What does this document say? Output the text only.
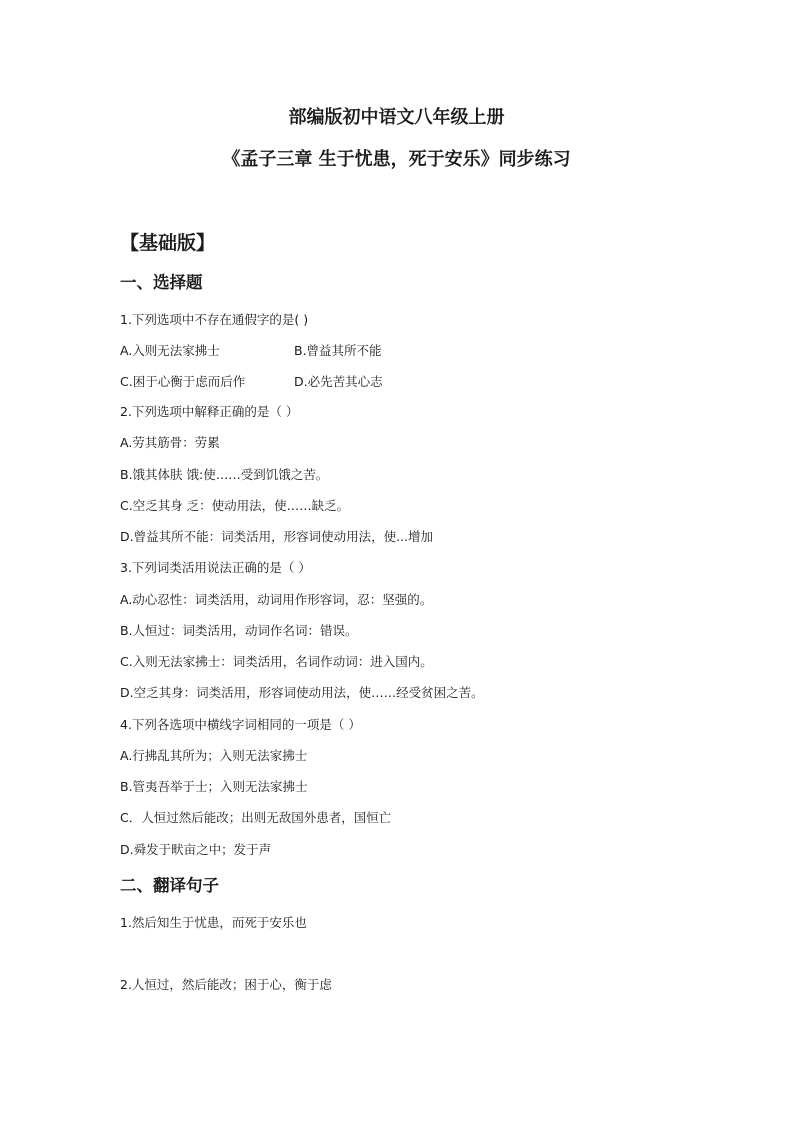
部编版初中语文八年级上册
《孟子三章 生于忧患，死于安乐》同步练习
【基础版】
一、选择题
1.下列选项中不存在通假字的是( )
A.入则无法家拂士	B.曾益其所不能
C.困于心衡于虑而后作	D.必先苦其心志
2.下列选项中解释正确的是（ ）
A.劳其筋骨：劳累
B.饿其体肤 饿:使……受到饥饿之苦。
C.空乏其身 乏：使动用法，使……缺乏。
D.曾益其所不能：词类活用，形容词使动用法，使...增加
3.下列词类活用说法正确的是（ ）
A.动心忍性：词类活用，动词用作形容词，忍：坚强的。
B.人恒过：词类活用，动词作名词：错误。
C.入则无法家拂士：词类活用，名词作动词：进入国内。
D.空乏其身：词类活用，形容词使动用法，使……经受贫困之苦。
4.下列各选项中横线字词相同的一项是（ ）
A.行拂乱其所为；入则无法家拂士
B.管夷吾举于士；入则无法家拂士
C．人恒过然后能改；出则无敌国外患者，国恒亡
D.舜发于畎亩之中；发于声
二、翻译句子
1.然后知生于忧患，而死于安乐也
2.人恒过，然后能改；困于心，衡于虑
